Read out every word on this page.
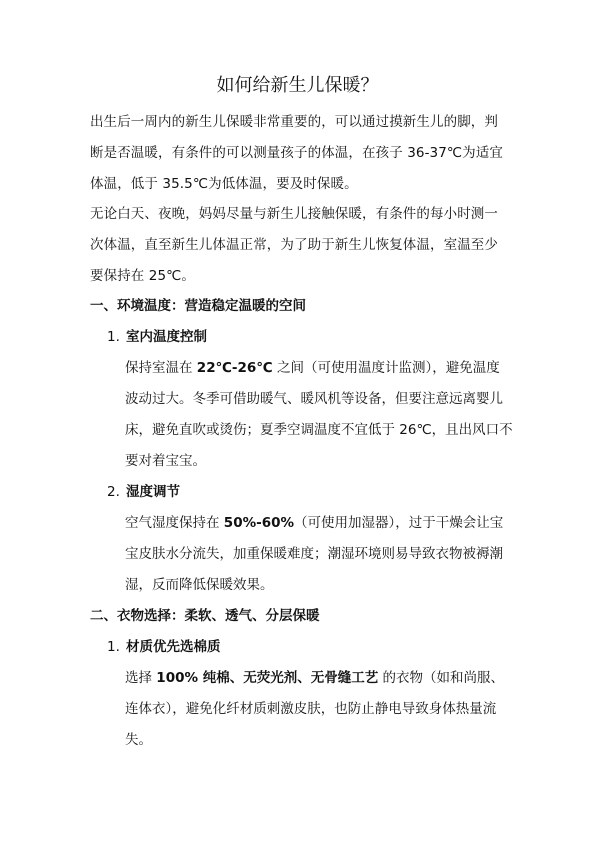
如何给新生儿保暖？
出生后一周内的新生儿保暖非常重要的，可以通过摸新生儿的脚，判断是否温暖，有条件的可以测量孩子的体温，在孩子 36-37℃为适宜体温，低于 35.5℃为低体温，要及时保暖。
无论白天、夜晚，妈妈尽量与新生儿接触保暖，有条件的每小时测一次体温，直至新生儿体温正常，为了助于新生儿恢复体温，室温至少要保持在 25℃。
一、环境温度：营造稳定温暖的空间
1. 室内温度控制
保持室温在 22℃-26℃ 之间（可使用温度计监测），避免温度波动过大。冬季可借助暖气、暖风机等设备，但要注意远离婴儿床，避免直吹或烫伤；夏季空调温度不宜低于 26℃，且出风口不要对着宝宝。
2. 湿度调节
空气湿度保持在 50%-60%（可使用加湿器），过于干燥会让宝宝皮肤水分流失，加重保暖难度；潮湿环境则易导致衣物被褥潮湿，反而降低保暖效果。
二、衣物选择：柔软、透气、分层保暖
1. 材质优先选棉质
选择 100% 纯棉、无荧光剂、无骨缝工艺 的衣物（如和尚服、连体衣），避免化纤材质刺激皮肤，也防止静电导致身体热量流失。
